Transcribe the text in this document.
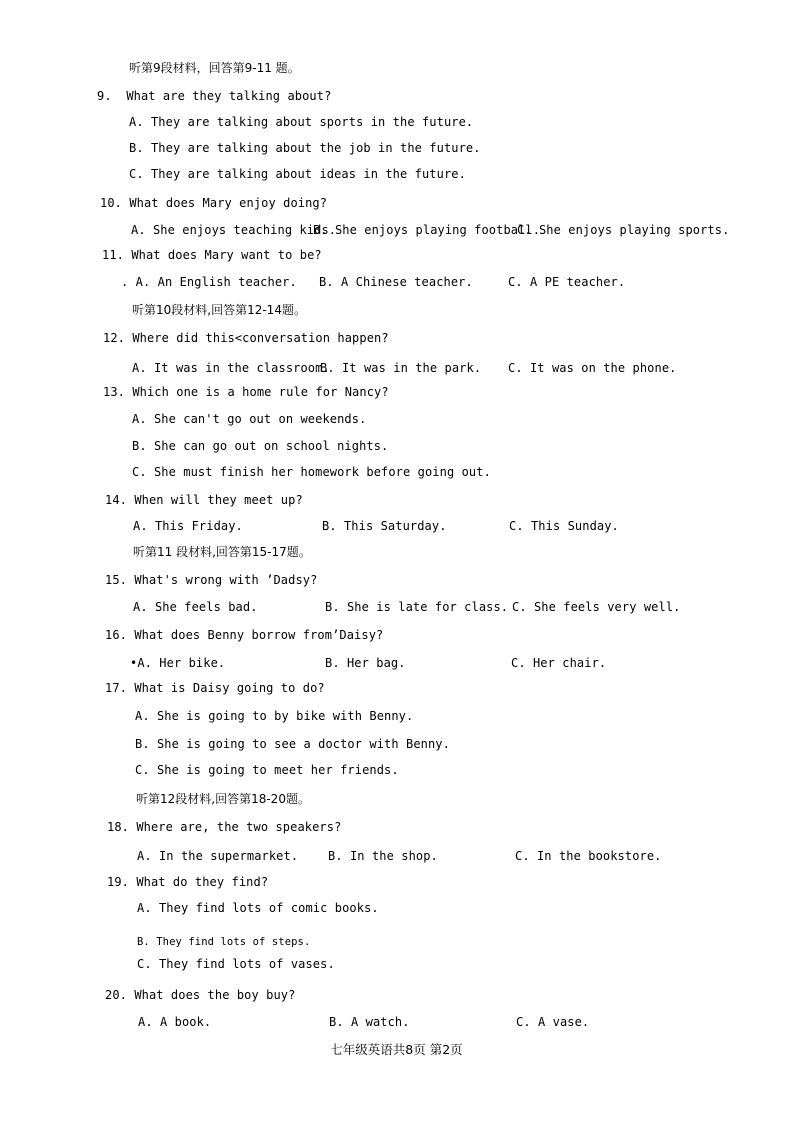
听第9段材料，回答第9-11 题。
9. What are they talking about?
A. They are talking about sports in the future.
B. They are talking about the job in the future.
C. They are talking about ideas in the future.
10. What does Mary enjoy doing?
A. She enjoys teaching kids.
B. She enjoys playing football.
C. She enjoys playing sports.
11. What does Mary want to be?
. A. An English teacher. B. A Chinese teacher.	C. A PE teacher.
听第10段材料,回答第12-14题。
12. Where did this<conversation happen?
A. It was in the classroom.
B. It was in the park. C. It was on the phone.
13. Which one is a home rule for Nancy?
A. She can't go out on weekends.
B. She can go out on school nights.
C. She must finish her homework before going out.
14. When will they meet up?
A. This Friday.	B. This Saturday.	C. This Sunday.
听第11 段材料,回答第15-17题。
15. What's wrong with ’Dadsy?
A. She feels bad.	B. She is late for class. C. She feels very well.
16. What does Benny borrow from’Daisy?
•A. Her bike.	B. Her bag.	C. Her chair.
17. What is Daisy going to do?
A. She is going to by bike with Benny.
B. She is going to see a doctor with Benny.
C. She is going to meet her friends.
听第12段材料,回答第18-20题。
18. Where are, the two speakers?
A. In the supermarket. B. In the shop.	C. In the bookstore.
19. What do they find?
A. They find lots of comic books.
B. They find lots of steps.
C. They find lots of vases.
20. What does the boy buy?
A. A book.	B. A watch.	C. A vase.
七年级英语共8页 第2页
